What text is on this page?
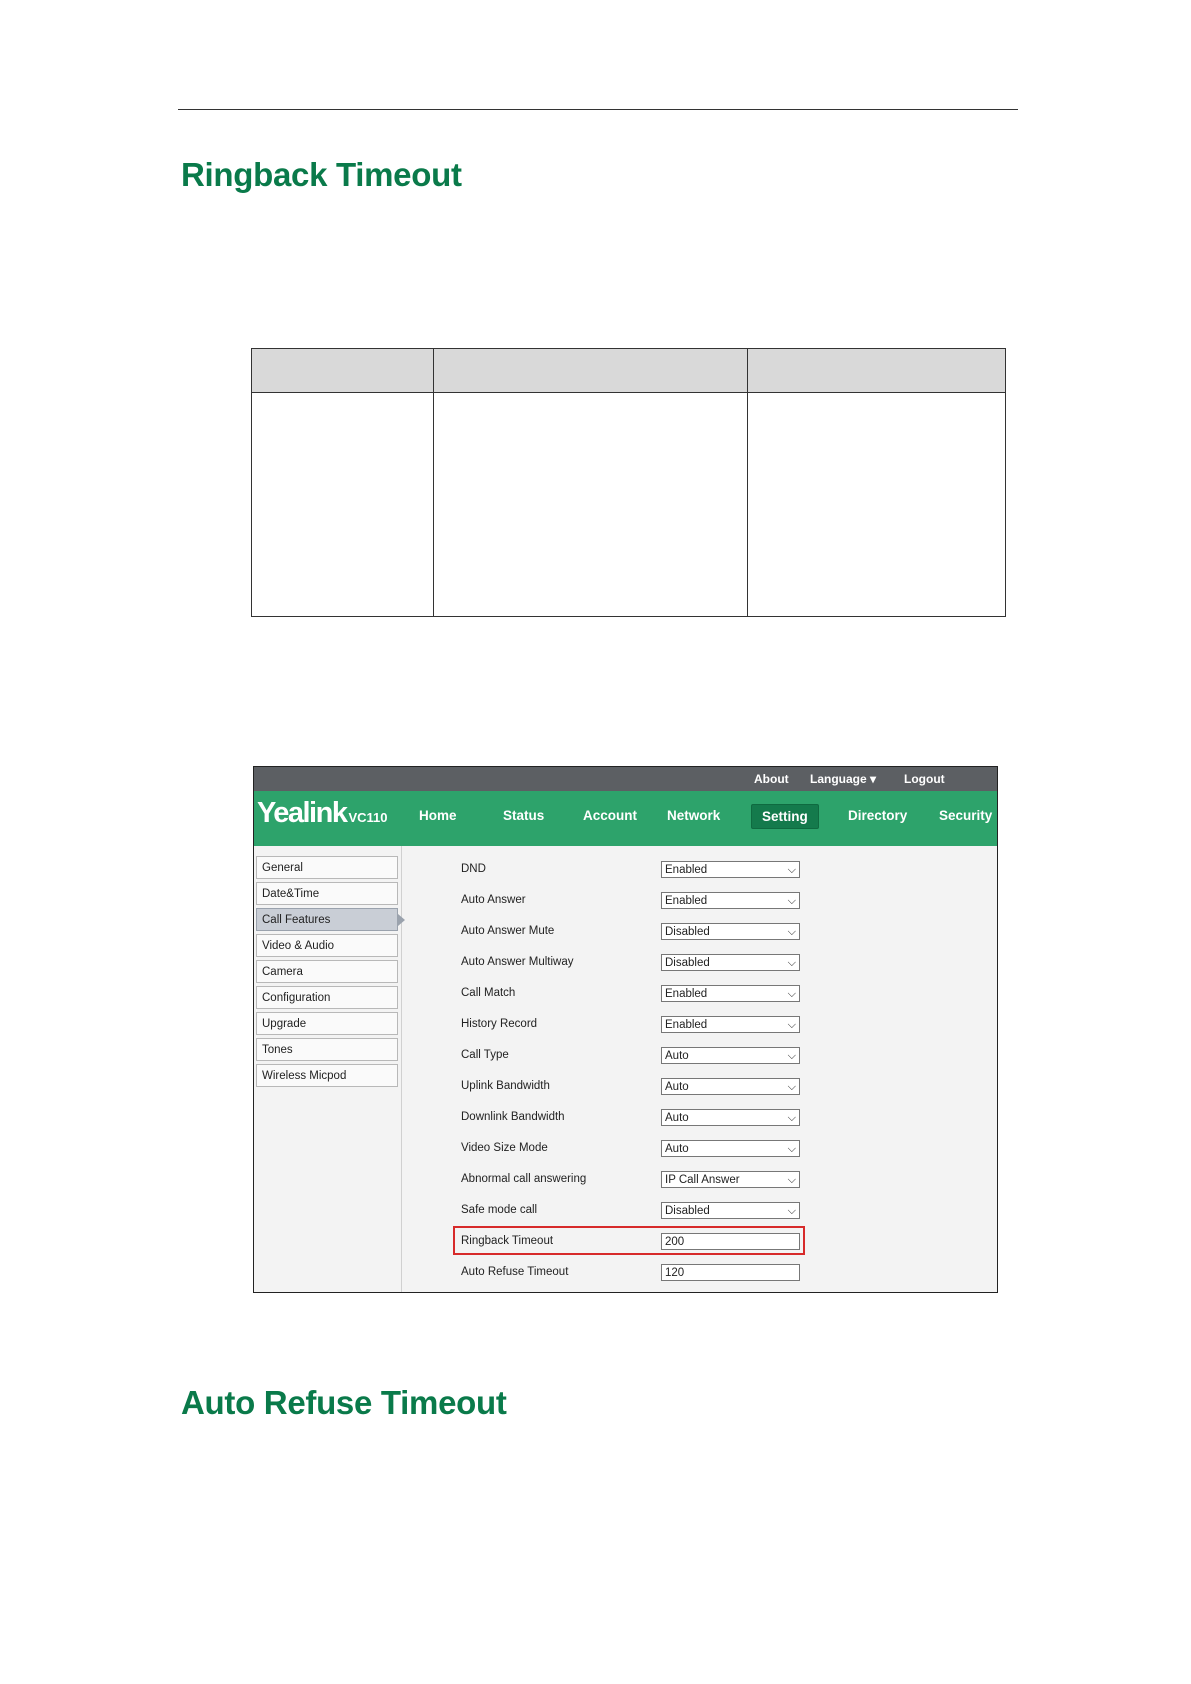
Ringback Timeout

About Language ▾ Logout
Yealink VC110 Home	Status	Account Network	Setting	Directory Security
General
Date&Time
Call Features
Video & Audio
Camera
Configuration
Upgrade
Tones
Wireless Micpod
DND	Enabled	⌵
Auto Answer	Enabled	⌵
Auto Answer Mute	Disabled	⌵
Auto Answer Multiway	Disabled	⌵
Call Match	Enabled	⌵
History Record	Enabled	⌵
Call Type	Auto	⌵
Uplink Bandwidth	Auto	⌵
Downlink Bandwidth	Auto	⌵
Video Size Mode	Auto	⌵
Abnormal call answering	IP Call Answer	⌵
Safe mode call	Disabled	⌵
Ringback Timeout	200
Auto Refuse Timeout	120
Auto Refuse Timeout
